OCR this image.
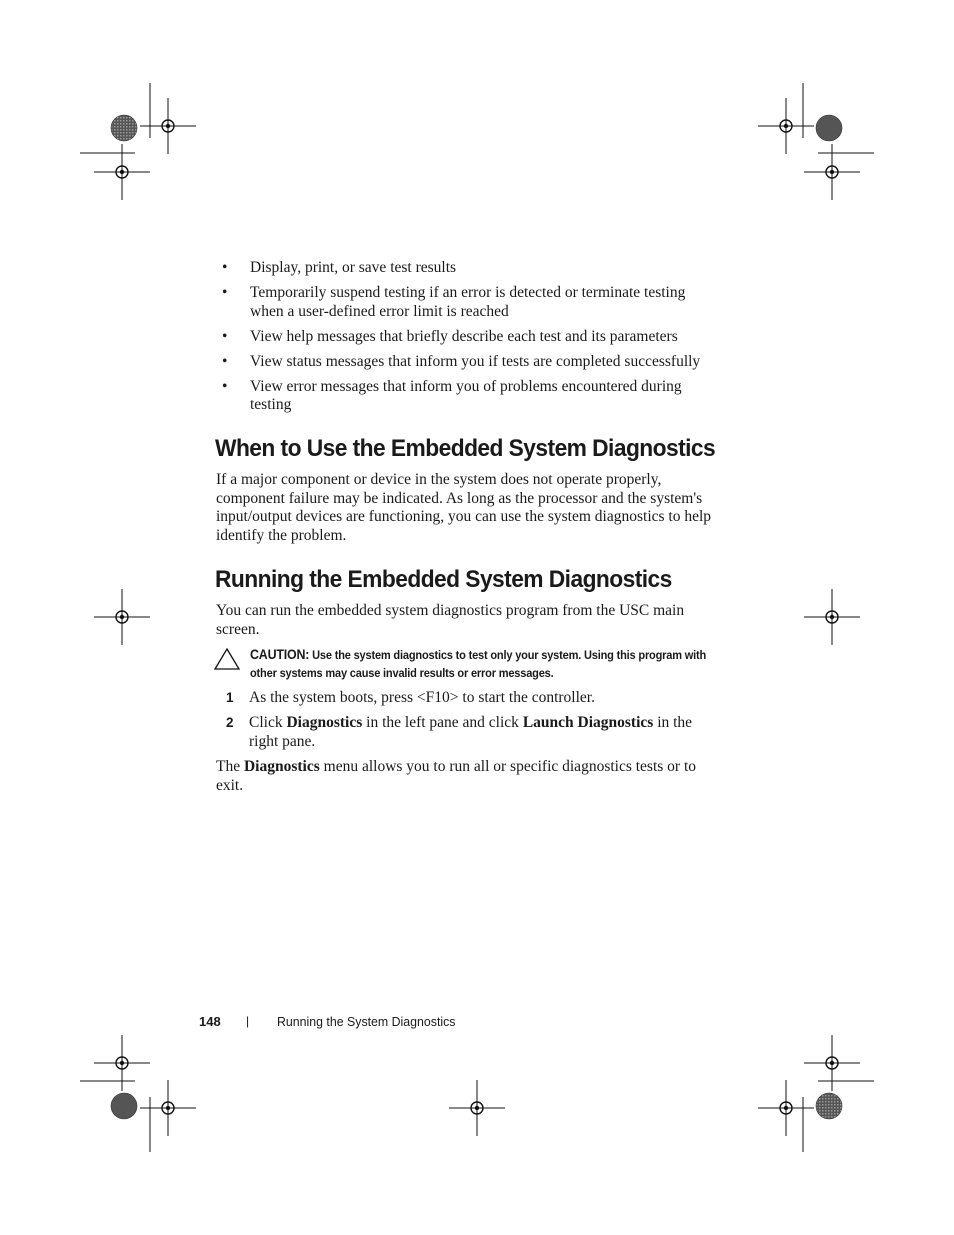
• Display, print, or save test results
• Temporarily suspend testing if an error is detected or terminate testing when a user-defined error limit is reached
• View help messages that briefly describe each test and its parameters
• View status messages that inform you if tests are completed successfully
• View error messages that inform you of problems encountered during testing
When to Use the Embedded System Diagnostics

If a major component or device in the system does not operate properly, component failure may be indicated. As long as the processor and the system's input/output devices are functioning, you can use the system diagnostics to help identify the problem.

Running the Embedded System Diagnostics

You can run the embedded system diagnostics program from the USC main screen.

CAUTION: Use the system diagnostics to test only your system. Using this program with other systems may cause invalid results or error messages.
1 As the system boots, press <F10> to start the controller.
2 Click Diagnostics in the left pane and click Launch Diagnostics in the right pane.

The Diagnostics menu allows you to run all or specific diagnostics tests or to exit.

148 | Running the System Diagnostics
